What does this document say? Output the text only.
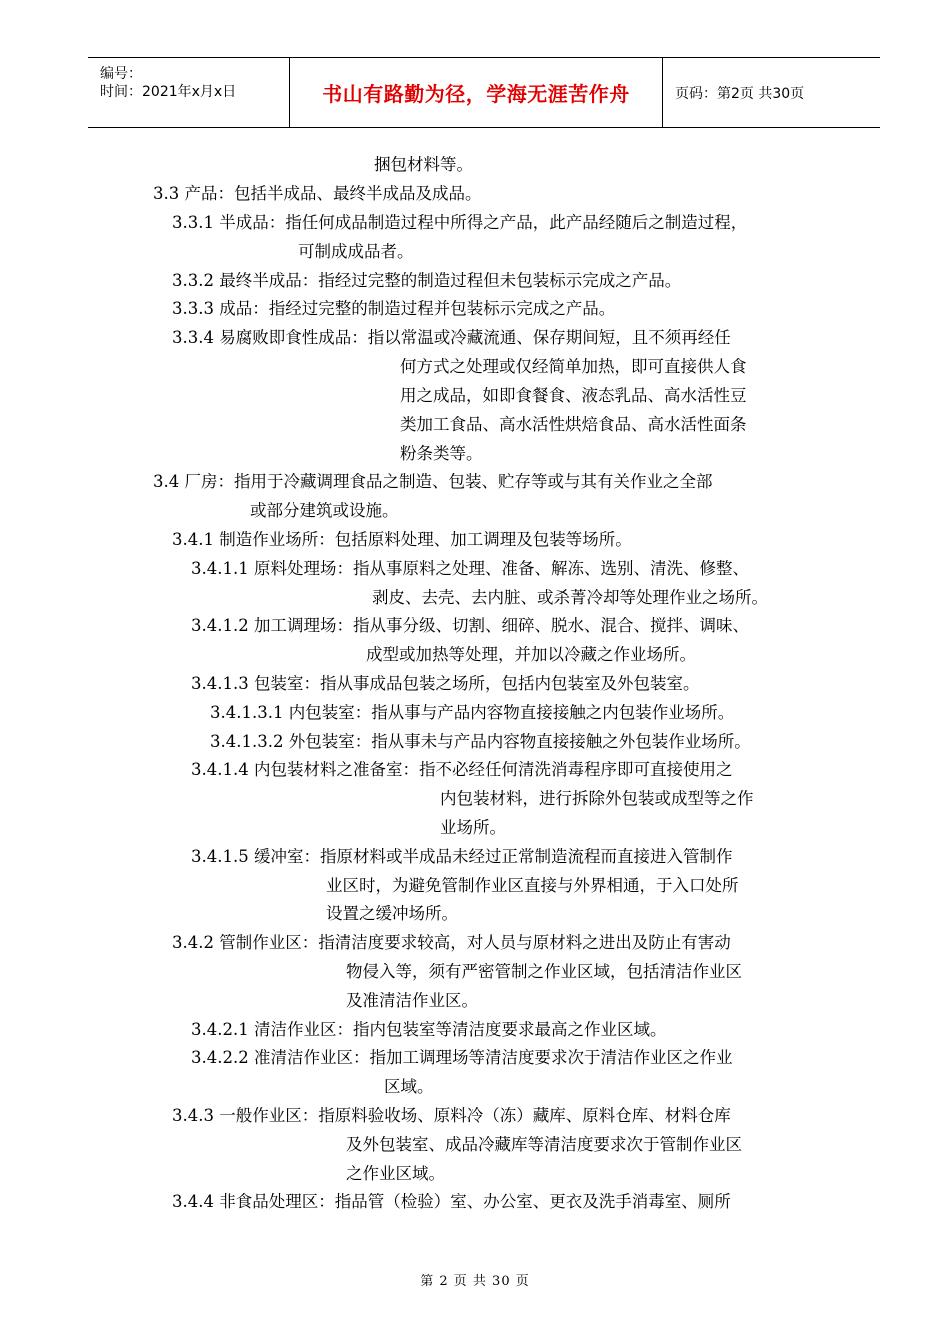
编号：
时间：2021年x月x日	书山有路勤为径，学海无涯苦作舟	页码：第2页 共30页
捆包材料等。
3.3 产品：包括半成品、最终半成品及成品。
3.3.1 半成品：指任何成品制造过程中所得之产品，此产品经随后之制造过程，
可制成成品者。
3.3.2 最终半成品：指经过完整的制造过程但未包装标示完成之产品。
3.3.3 成品：指经过完整的制造过程并包装标示完成之产品。
3.3.4 易腐败即食性成品：指以常温或冷藏流通、保存期间短，且不须再经任
何方式之处理或仅经简单加热，即可直接供人食
用之成品，如即食餐食、液态乳品、高水活性豆
类加工食品、高水活性烘焙食品、高水活性面条
粉条类等。
3.4 厂房：指用于冷藏调理食品之制造、包装、贮存等或与其有关作业之全部
或部分建筑或设施。
3.4.1 制造作业场所：包括原料处理、加工调理及包装等场所。
3.4.1.1 原料处理场：指从事原料之处理、准备、解冻、选别、清洗、修整、
剥皮、去壳、去内脏、或杀菁冷却等处理作业之场所。
3.4.1.2 加工调理场：指从事分级、切割、细碎、脱水、混合、搅拌、调味、
成型或加热等处理，并加以冷藏之作业场所。
3.4.1.3 包装室：指从事成品包装之场所，包括内包装室及外包装室。
3.4.1.3.1 内包装室：指从事与产品内容物直接接触之内包装作业场所。
3.4.1.3.2 外包装室：指从事未与产品内容物直接接触之外包装作业场所。
3.4.1.4 内包装材料之准备室：指不必经任何清洗消毒程序即可直接使用之
内包装材料，进行拆除外包装或成型等之作
业场所。
3.4.1.5 缓冲室：指原材料或半成品未经过正常制造流程而直接进入管制作
业区时，为避免管制作业区直接与外界相通，于入口处所
设置之缓冲场所。
3.4.2 管制作业区：指清洁度要求较高，对人员与原材料之进出及防止有害动
物侵入等，须有严密管制之作业区域，包括清洁作业区
及准清洁作业区。
3.4.2.1 清洁作业区：指内包装室等清洁度要求最高之作业区域。
3.4.2.2 准清洁作业区：指加工调理场等清洁度要求次于清洁作业区之作业
区域。
3.4.3 一般作业区：指原料验收场、原料冷（冻）藏库、原料仓库、材料仓库
及外包装室、成品冷藏库等清洁度要求次于管制作业区
之作业区域。
3.4.4 非食品处理区：指品管（检验）室、办公室、更衣及洗手消毒室、厕所
第 2 页 共 30 页
